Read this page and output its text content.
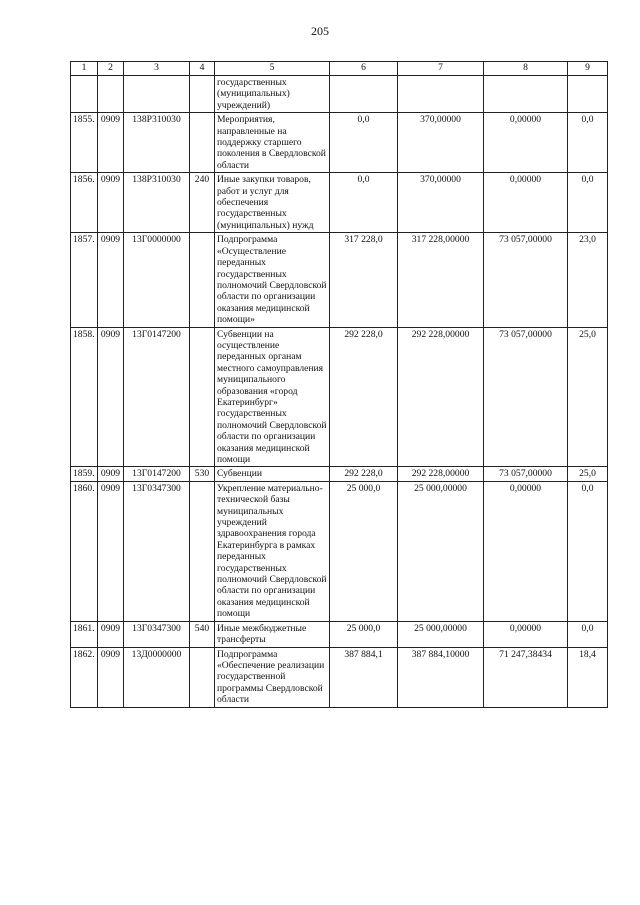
205
1	2	3	4	5	6	7	8	9
				государственных (муниципальных) учреждений)				
1855.	0909	138P310030		Мероприятия, направленные на поддержку старшего поколения в Свердловской области	0,0	370,00000	0,00000	0,0
1856.	0909	138P310030	240	Иные закупки товаров, работ и услуг для обеспечения государственных (муниципальных) нужд	0,0	370,00000	0,00000	0,0
1857.	0909	13Г0000000		Подпрограмма «Осуществление переданных государственных полномочий Свердловской области по организации оказания медицинской помощи»	317 228,0	317 228,00000	73 057,00000	23,0
1858.	0909	13Г0147200		Субвенции на осуществление переданных органам местного самоуправления муниципального образования «город Екатеринбург» государственных полномочий Свердловской области по организации оказания медицинской помощи	292 228,0	292 228,00000	73 057,00000	25,0
1859.	0909	13Г0147200	530	Субвенции	292 228,0	292 228,00000	73 057,00000	25,0
1860.	0909	13Г0347300		Укрепление материально-технической базы муниципальных учреждений здравоохранения города Екатеринбурга в рамках переданных государственных полномочий Свердловской области по организации оказания медицинской помощи	25 000,0	25 000,00000	0,00000	0,0
1861.	0909	13Г0347300	540	Иные межбюджетные трансферты	25 000,0	25 000,00000	0,00000	0,0
1862.	0909	13Д0000000		Подпрограмма «Обеспечение реализации государственной программы Свердловской области	387 884,1	387 884,10000	71 247,38434	18,4
